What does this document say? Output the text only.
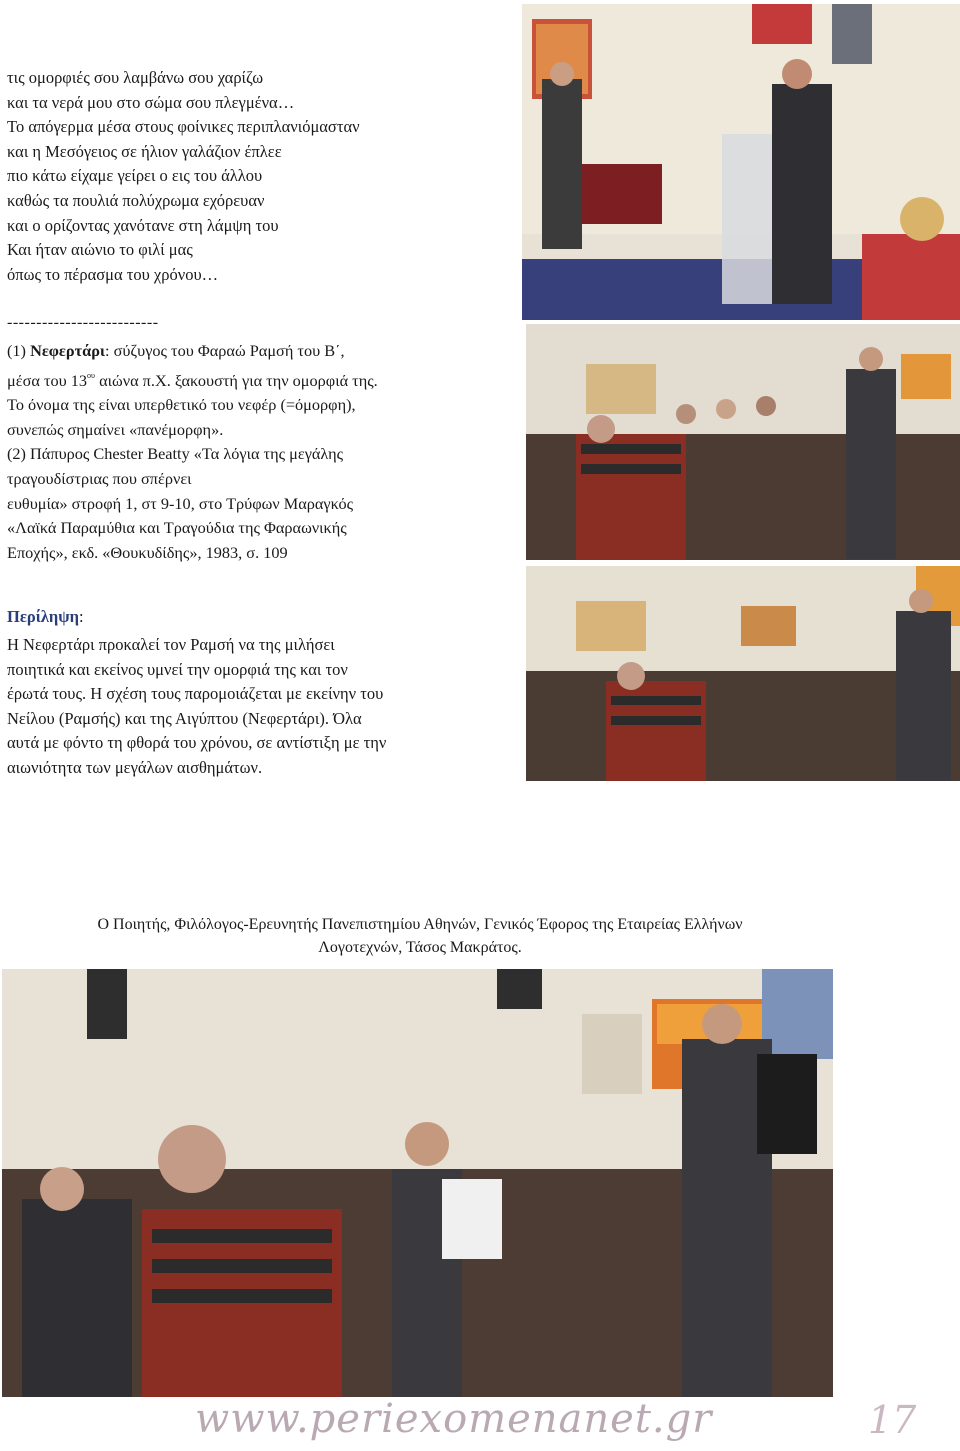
τις ομορφιές σου λαμβάνω σου χαρίζω
και τα νερά μου στο σώμα σου πλεγμένα…
Το απόγερμα μέσα στους φοίνικες περιπλανιόμασταν
και η Μεσόγειος σε ήλιον γαλάζιον έπλεε
πιο κάτω είχαμε γείρει ο εις του άλλου
καθώς τα πουλιά πολύχρωμα εχόρευαν
και ο ορίζοντας χανότανε στη λάμψη του
Και ήταν αιώνιο το φιλί μας
όπως το πέρασμα του χρόνου…
--------------------------
(1) Νεφερτάρι: σύζυγος του Φαραώ Ραμσή του Β΄,
μέσα του $13^{o\upsilon}$ αιώνα π.Χ. ξακουστή για την ομορφιά της.
Το όνομα της είναι υπερθετικό του νεφέρ (=όμορφη),
συνεπώς σημαίνει «πανέμορφη».
(2) Πάπυρος Chester Beatty «Τα λόγια της μεγάλης
τραγουδίστριας που σπέρνει
ευθυμία» στροφή 1, στ 9-10, στο Τρύφων Μαραγκός
«Λαϊκά Παραμύθια και Τραγούδια της Φαραωνικής
Εποχής», εκδ. «Θουκυδίδης», 1983, σ. 109
Περίληψη:
Η Νεφερτάρι προκαλεί τον Ραμσή να της μιλήσει
ποιητικά και εκείνος υμνεί την ομορφιά της και τον
έρωτά τους. Η σχέση τους παρομοιάζεται με εκείνην του
Νείλου (Ραμσής) και της Αιγύπτου (Νεφερτάρι). Όλα
αυτά με φόντο τη φθορά του χρόνου, σε αντίστιξη με την
αιωνιότητα των μεγάλων αισθημάτων.
Ο Ποιητής, Φιλόλογος-Ερευνητής Πανεπιστημίου Αθηνών, Γενικός Έφορος της Εταιρείας Ελλήνων
Λογοτεχνών, Τάσος Μακράτος.
www.periexomenanet.gr	17
